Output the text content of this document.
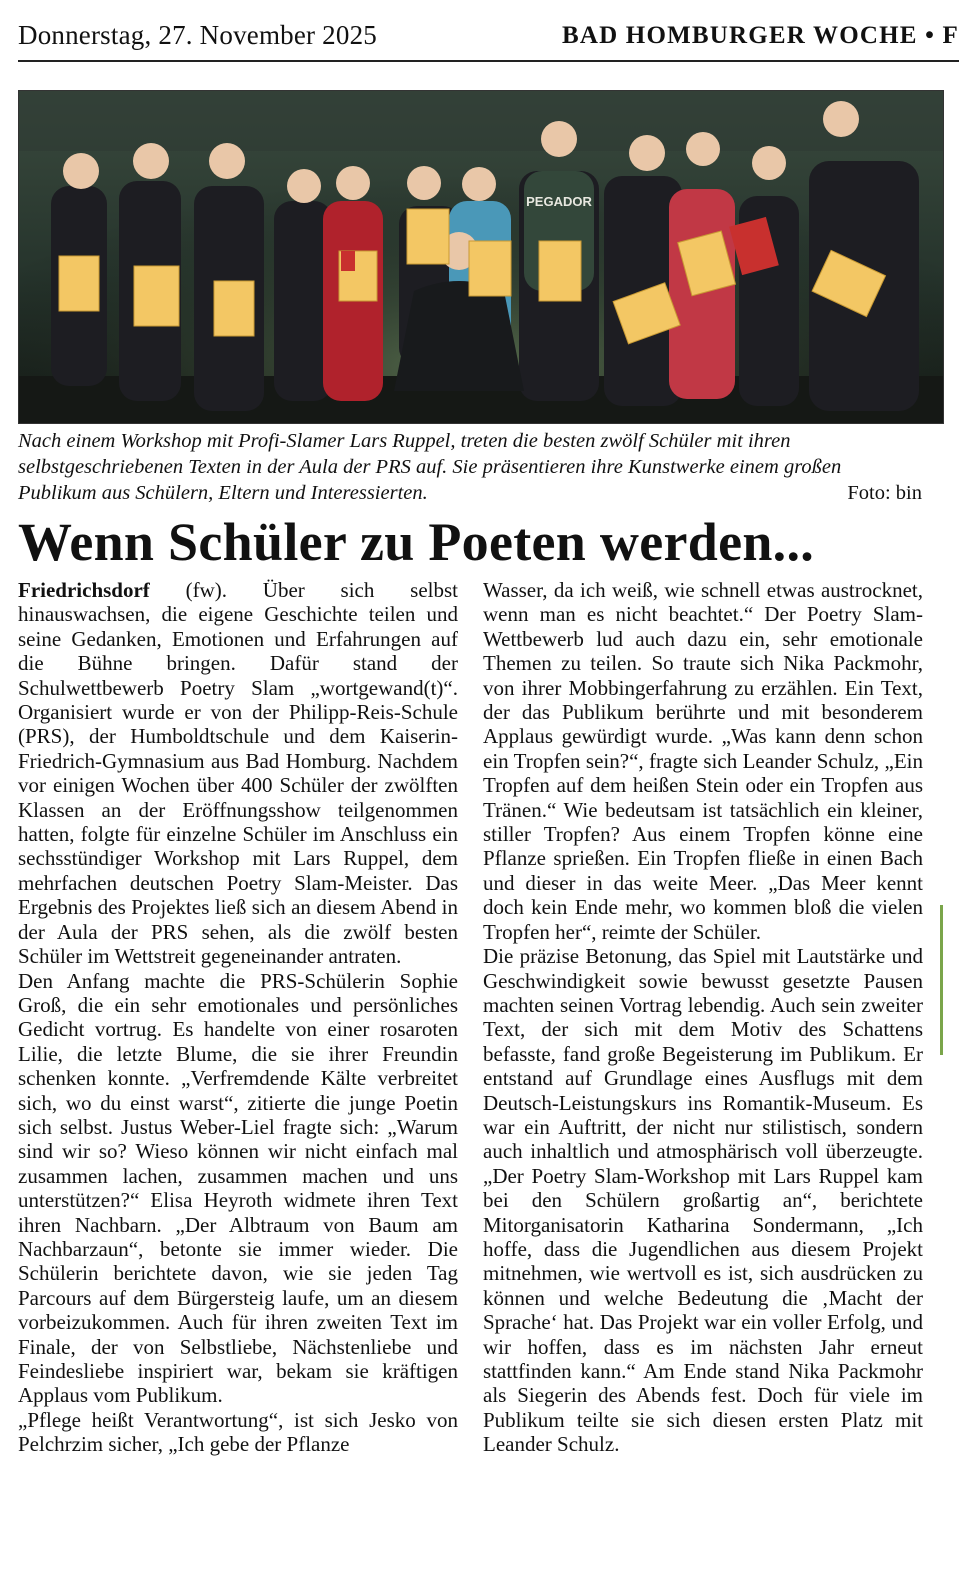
Donnerstag, 27. November 2025	BAD HOMBURGER WOCHE • F
PEGADOR
Nach einem Workshop mit Profi-Slamer Lars Ruppel, treten die besten zwölf Schüler mit ihren selbstgeschriebenen Texten in der Aula der PRS auf. Sie präsentieren ihre Kunstwerke einem großen Publikum aus Schülern, Eltern und Interessierten.	Foto: bin
Wenn Schüler zu Poeten werden...

Friedrichsdorf (fw). Über sich selbst hinauswachsen, die eigene Geschichte teilen und seine Gedanken, Emotionen und Erfahrungen auf die Bühne bringen. Dafür stand der Schulwettbewerb Poetry Slam „wortgewand(t)“. Organisiert wurde er von der Philipp-Reis-Schule (PRS), der Humboldtschule und dem Kaiserin-Friedrich-Gymnasium aus Bad Homburg. Nachdem vor einigen Wochen über 400 Schüler der zwölften Klassen an der Eröffnungsshow teilgenommen hatten, folgte für einzelne Schüler im Anschluss ein sechsstündiger Workshop mit Lars Ruppel, dem mehrfachen deutschen Poetry Slam-Meister. Das Ergebnis des Projektes ließ sich an diesem Abend in der Aula der PRS sehen, als die zwölf besten Schüler im Wettstreit gegeneinander antraten.

Den Anfang machte die PRS-Schülerin Sophie Groß, die ein sehr emotionales und persönliches Gedicht vortrug. Es handelte von einer rosaroten Lilie, die letzte Blume, die sie ihrer Freundin schenken konnte. „Verfremdende Kälte verbreitet sich, wo du einst warst“, zitierte die junge Poetin sich selbst. Justus Weber-Liel fragte sich: „Warum sind wir so? Wieso können wir nicht einfach mal zusammen lachen, zusammen machen und uns unterstützen?“ Elisa Heyroth widmete ihren Text ihren Nachbarn. „Der Albtraum von Baum am Nachbarzaun“, betonte sie immer wieder. Die Schülerin berichtete davon, wie sie jeden Tag Parcours auf dem Bürgersteig laufe, um an diesem vorbeizukommen. Auch für ihren zweiten Text im Finale, der von Selbstliebe, Nächstenliebe und Feindesliebe inspiriert war, bekam sie kräftigen Applaus vom Publikum.

„Pflege heißt Verantwortung“, ist sich Jesko von Pelchrzim sicher, „Ich gebe der Pflanze

Wasser, da ich weiß, wie schnell etwas austrocknet, wenn man es nicht beachtet.“ Der Poetry Slam-Wettbewerb lud auch dazu ein, sehr emotionale Themen zu teilen. So traute sich Nika Packmohr, von ihrer Mobbingerfahrung zu erzählen. Ein Text, der das Publikum berührte und mit besonderem Applaus gewürdigt wurde. „Was kann denn schon ein Tropfen sein?“, fragte sich Leander Schulz, „Ein Tropfen auf dem heißen Stein oder ein Tropfen aus Tränen.“ Wie bedeutsam ist tatsächlich ein kleiner, stiller Tropfen? Aus einem Tropfen könne eine Pflanze sprießen. Ein Tropfen fließe in einen Bach und dieser in das weite Meer. „Das Meer kennt doch kein Ende mehr, wo kommen bloß die vielen Tropfen her“, reimte der Schüler.

Die präzise Betonung, das Spiel mit Lautstärke und Geschwindigkeit sowie bewusst gesetzte Pausen machten seinen Vortrag lebendig. Auch sein zweiter Text, der sich mit dem Motiv des Schattens befasste, fand große Begeisterung im Publikum. Er entstand auf Grundlage eines Ausflugs mit dem Deutsch-Leistungskurs ins Romantik-Museum. Es war ein Auftritt, der nicht nur stilistisch, sondern auch inhaltlich und atmosphärisch voll überzeugte. „Der Poetry Slam-Workshop mit Lars Ruppel kam bei den Schülern großartig an“, berichtete Mitorganisatorin Katharina Sondermann, „Ich hoffe, dass die Jugendlichen aus diesem Projekt mitnehmen, wie wertvoll es ist, sich ausdrücken zu können und welche Bedeutung die ‚Macht der Sprache‘ hat. Das Projekt war ein voller Erfolg, und wir hoffen, dass es im nächsten Jahr erneut stattfinden kann.“ Am Ende stand Nika Packmohr als Siegerin des Abends fest. Doch für viele im Publikum teilte sie sich diesen ersten Platz mit Leander Schulz.
